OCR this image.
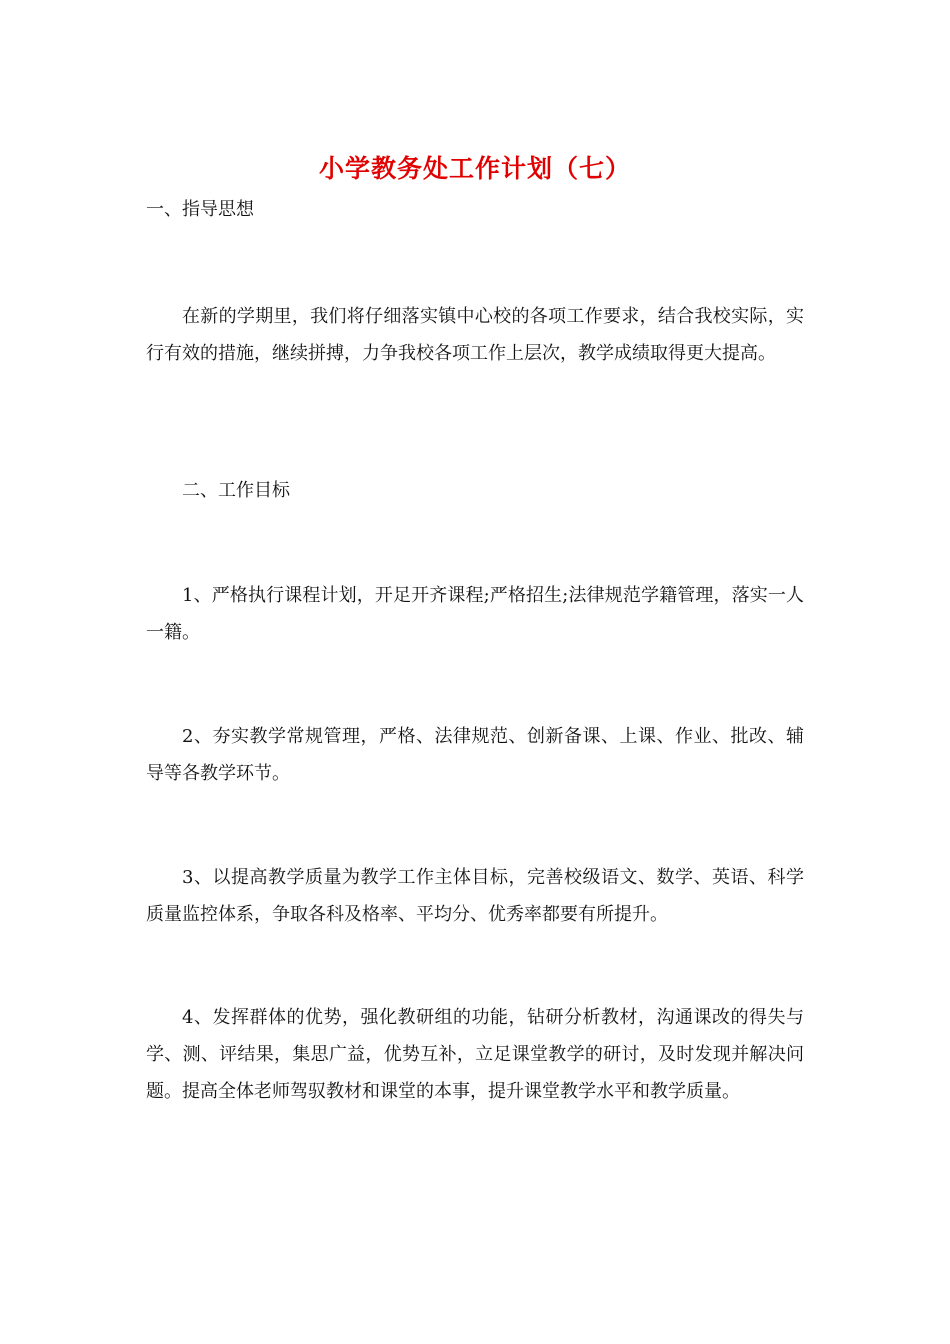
小学教务处工作计划（七）
一、指导思想

在新的学期里，我们将仔细落实镇中心校的各项工作要求，结合我校实际，实行有效的措施，继续拼搏，力争我校各项工作上层次，教学成绩取得更大提高。

二、工作目标

1、严格执行课程计划，开足开齐课程;严格招生;法律规范学籍管理，落实一人一籍。

2、夯实教学常规管理，严格、法律规范、创新备课、上课、作业、批改、辅导等各教学环节。

3、以提高教学质量为教学工作主体目标，完善校级语文、数学、英语、科学质量监控体系，争取各科及格率、平均分、优秀率都要有所提升。

4、发挥群体的优势，强化教研组的功能，钻研分析教材，沟通课改的得失与学、测、评结果，集思广益，优势互补，立足课堂教学的研讨，及时发现并解决问题。提高全体老师驾驭教材和课堂的本事，提升课堂教学水平和教学质量。
